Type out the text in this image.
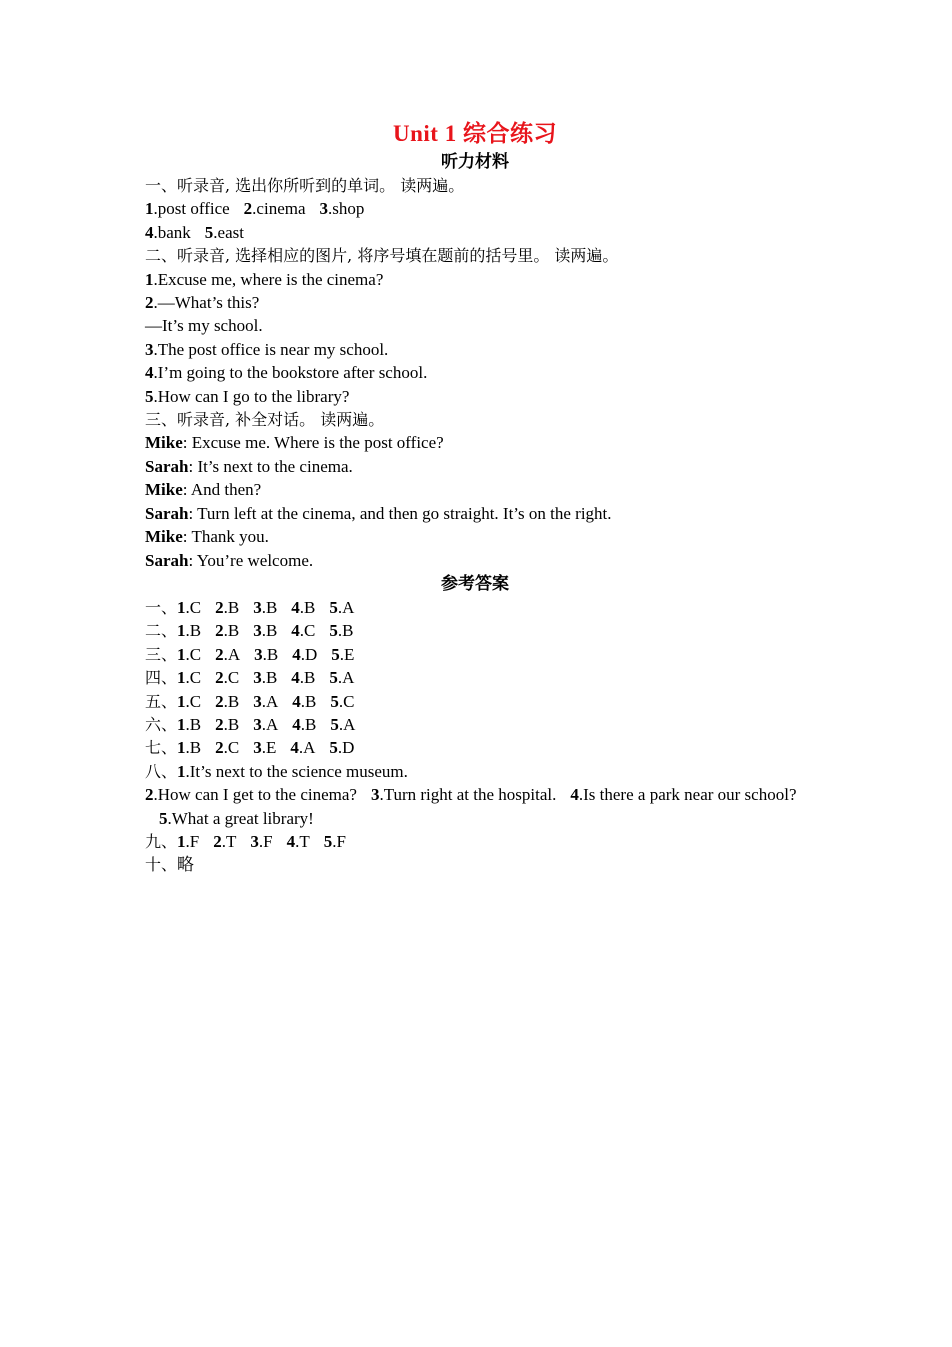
Unit 1 综合练习
听力材料
一、听录音, 选出你所听到的单词。 读两遍。
1.post office 2.cinema 3.shop
4.bank 5.east
二、听录音, 选择相应的图片, 将序号填在题前的括号里。 读两遍。
1.Excuse me, where is the cinema?
2.—What’s this?
—It’s my school.
3.The post office is near my school.
4.I’m going to the bookstore after school.
5.How can I go to the library?
三、听录音, 补全对话。 读两遍。
Mike: Excuse me. Where is the post office?
Sarah: It’s next to the cinema.
Mike: And then?
Sarah: Turn left at the cinema, and then go straight. It’s on the right.
Mike: Thank you.
Sarah: You’re welcome.
参考答案
一、1.C 2.B 3.B 4.B 5.A
二、1.B 2.B 3.B 4.C 5.B
三、1.C 2.A 3.B 4.D 5.E
四、1.C 2.C 3.B 4.B 5.A
五、1.C 2.B 3.A 4.B 5.C
六、1.B 2.B 3.A 4.B 5.A
七、1.B 2.C 3.E 4.A 5.D
八、1.It’s next to the science museum.
2.How can I get to the cinema? 3.Turn right at the hospital. 4.Is there a park near our school?5.What a great library!
九、1.F 2.T 3.F 4.T 5.F
十、略
